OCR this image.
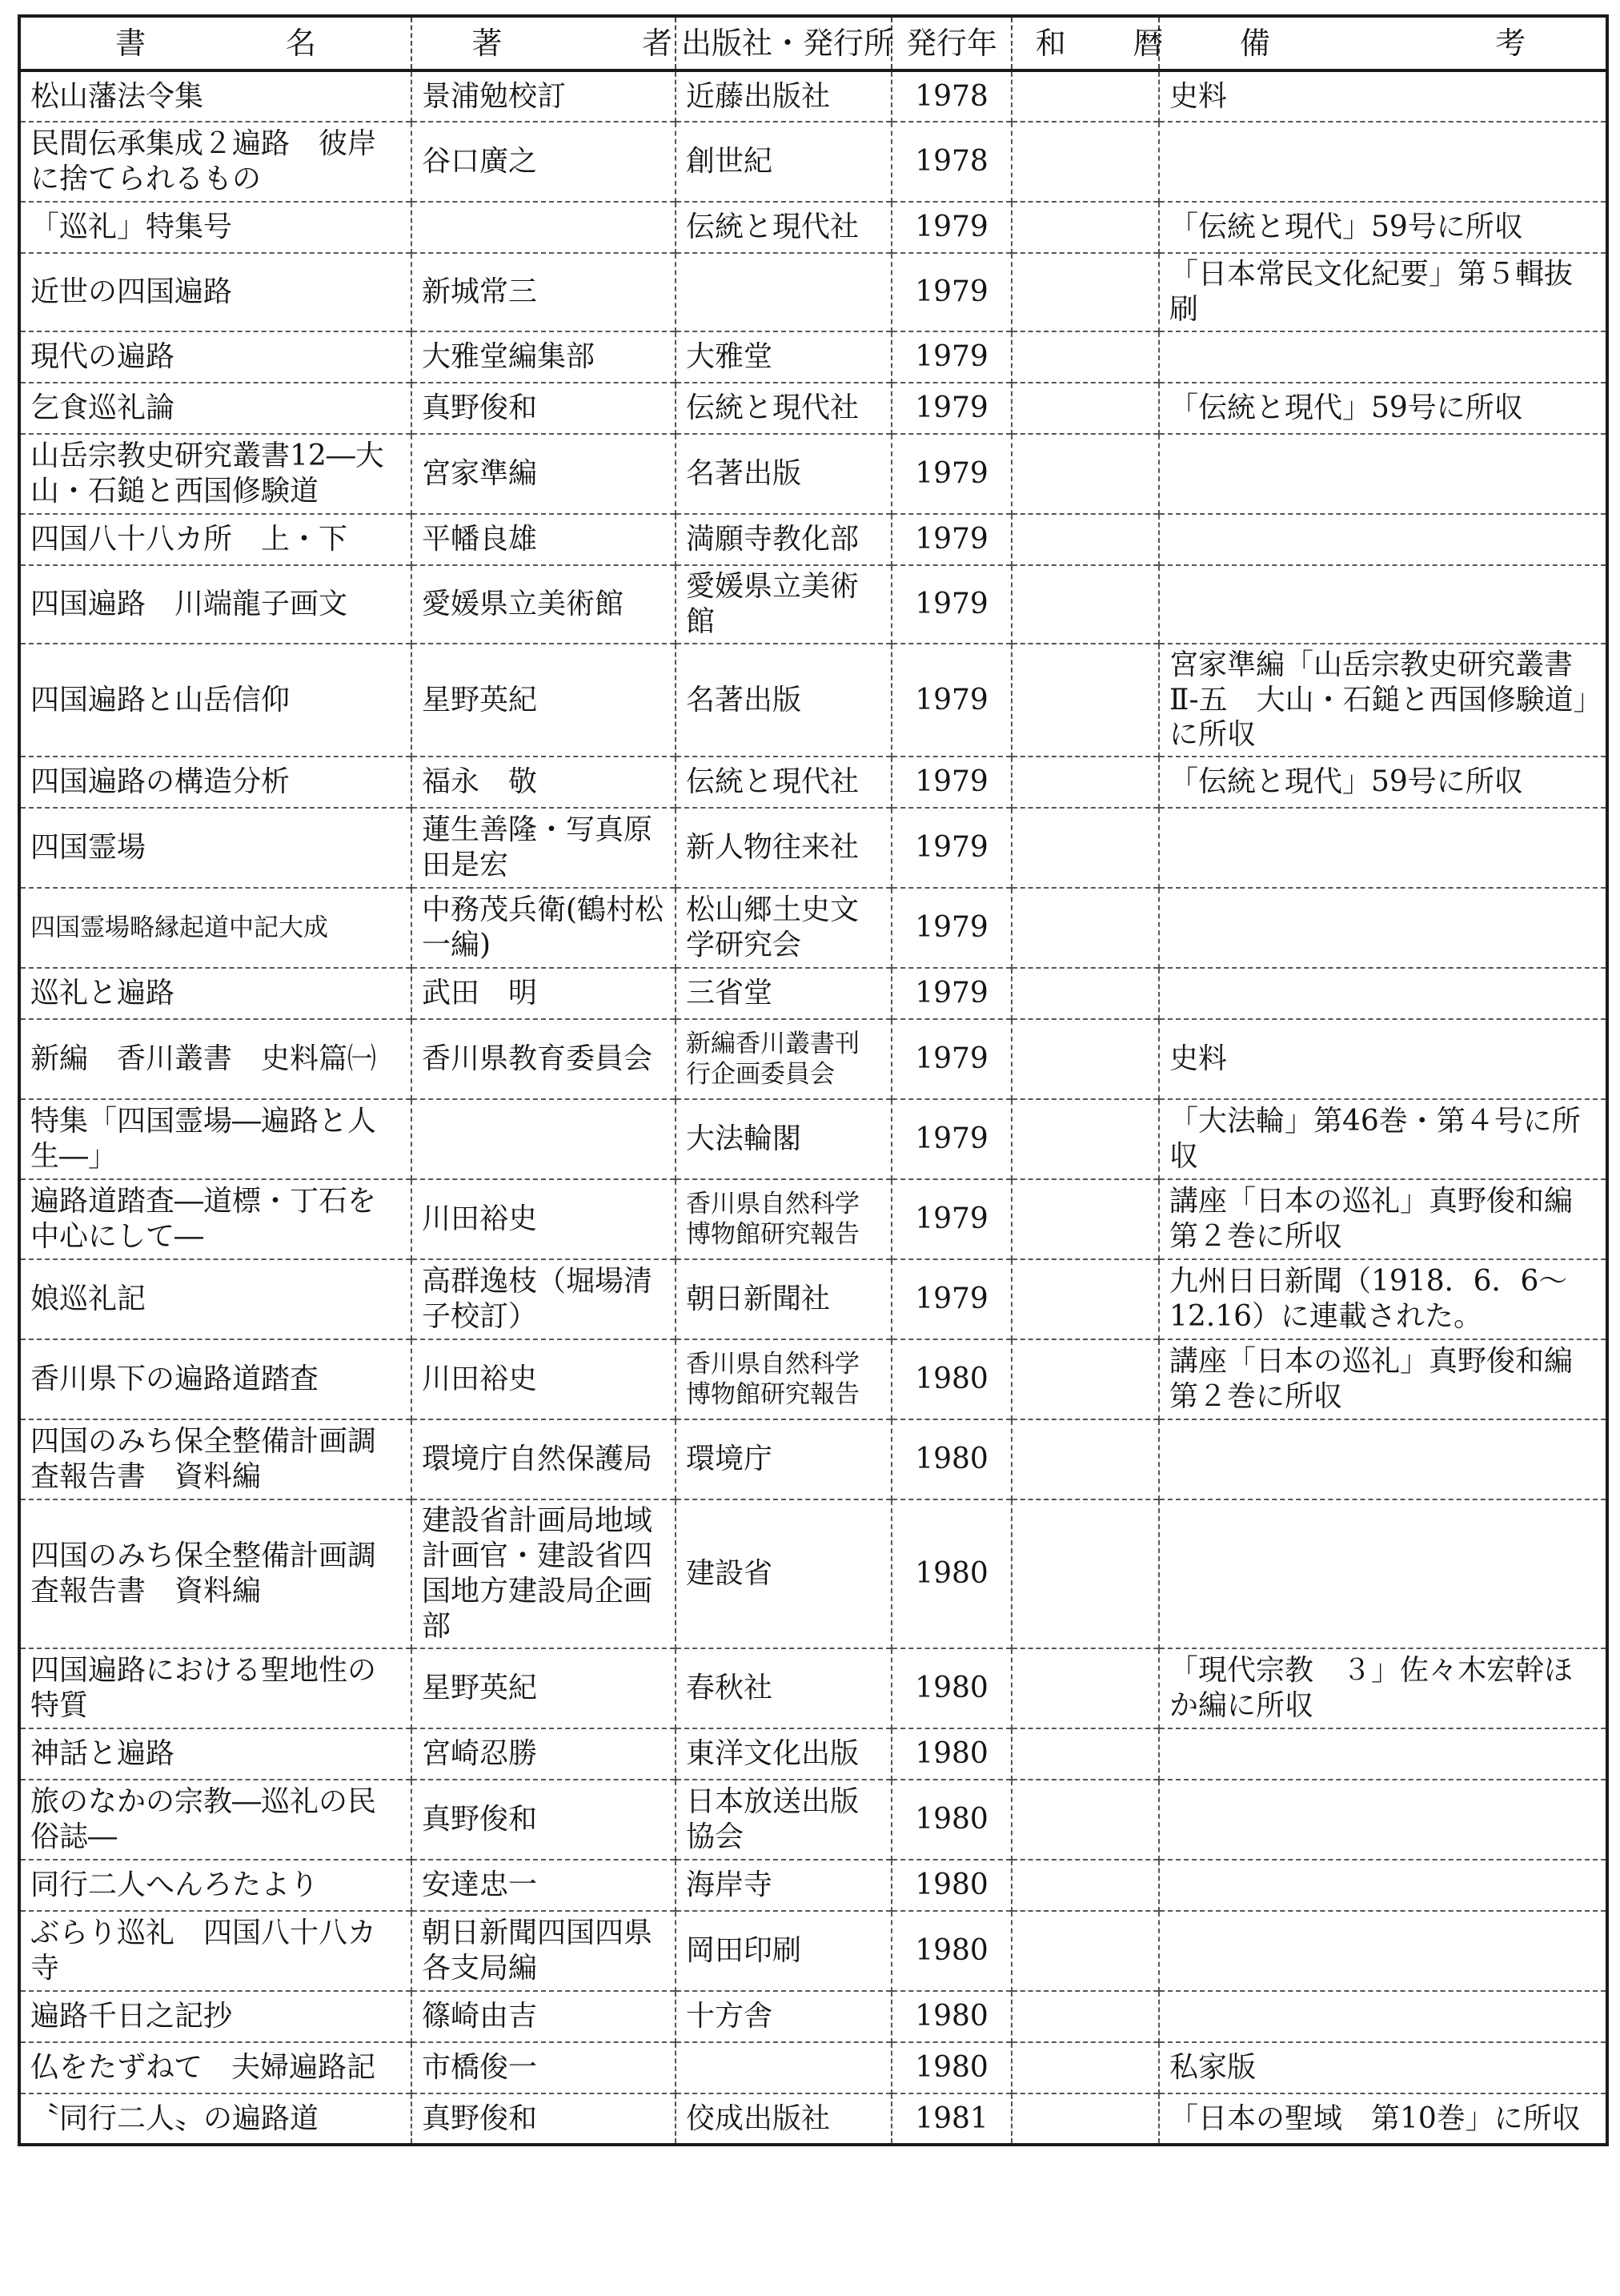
書　名	著　者	出版社・発行所	発行年	和　暦	備　　考
松山藩法令集	景浦勉校訂	近藤出版社	1978		史料
民間伝承集成２遍路　彼岸に捨てられるもの	谷口廣之	創世紀	1978		
「巡礼」特集号		伝統と現代社	1979		「伝統と現代」59号に所収
近世の四国遍路	新城常三		1979		「日本常民文化紀要」第５輯抜刷
現代の遍路	大雅堂編集部	大雅堂	1979		
乞食巡礼論	真野俊和	伝統と現代社	1979		「伝統と現代」59号に所収
山岳宗教史研究叢書12―大山・石鎚と西国修験道	宮家準編	名著出版	1979		
四国八十八カ所　上・下	平幡良雄	満願寺教化部	1979		
四国遍路　川端龍子画文	愛媛県立美術館	愛媛県立美術館	1979		
四国遍路と山岳信仰	星野英紀	名著出版	1979		宮家準編「山岳宗教史研究叢書Ⅱ-五　大山・石鎚と西国修験道」に所収
四国遍路の構造分析	福永　敬	伝統と現代社	1979		「伝統と現代」59号に所収
四国霊場	蓮生善隆・写真原田是宏	新人物往来社	1979		
四国霊場略縁起道中記大成	中務茂兵衛(鶴村松一編)	松山郷土史文学研究会	1979		
巡礼と遍路	武田　明	三省堂	1979		
新編　香川叢書　史料篇㈠	香川県教育委員会	新編香川叢書刊行企画委員会	1979		史料
特集「四国霊場―遍路と人生―」		大法輪閣	1979		「大法輪」第46巻・第４号に所収
遍路道踏査―道標・丁石を中心にして―	川田裕史	香川県自然科学博物館研究報告	1979		講座「日本の巡礼」真野俊和編第２巻に所収
娘巡礼記	高群逸枝（堀場清子校訂）	朝日新聞社	1979		九州日日新聞（1918．6．6～12.16）に連載された。
香川県下の遍路道踏査	川田裕史	香川県自然科学博物館研究報告	1980		講座「日本の巡礼」真野俊和編第２巻に所収
四国のみち保全整備計画調査報告書　資料編	環境庁自然保護局	環境庁	1980		
四国のみち保全整備計画調査報告書　資料編	建設省計画局地域計画官・建設省四国地方建設局企画部	建設省	1980		
四国遍路における聖地性の特質	星野英紀	春秋社	1980		「現代宗教　３」佐々木宏幹ほか編に所収
神話と遍路	宮崎忍勝	東洋文化出版	1980		
旅のなかの宗教―巡礼の民俗誌―	真野俊和	日本放送出版協会	1980		
同行二人へんろたより	安達忠一	海岸寺	1980		
ぶらり巡礼　四国八十八カ寺	朝日新聞四国四県各支局編	岡田印刷	1980		
遍路千日之記抄	篠崎由吉	十方舎	1980		
仏をたずねて　夫婦遍路記	市橋俊一		1980		私家版
〝同行二人〟の遍路道	真野俊和	佼成出版社	1981		「日本の聖域　第10巻」に所収
